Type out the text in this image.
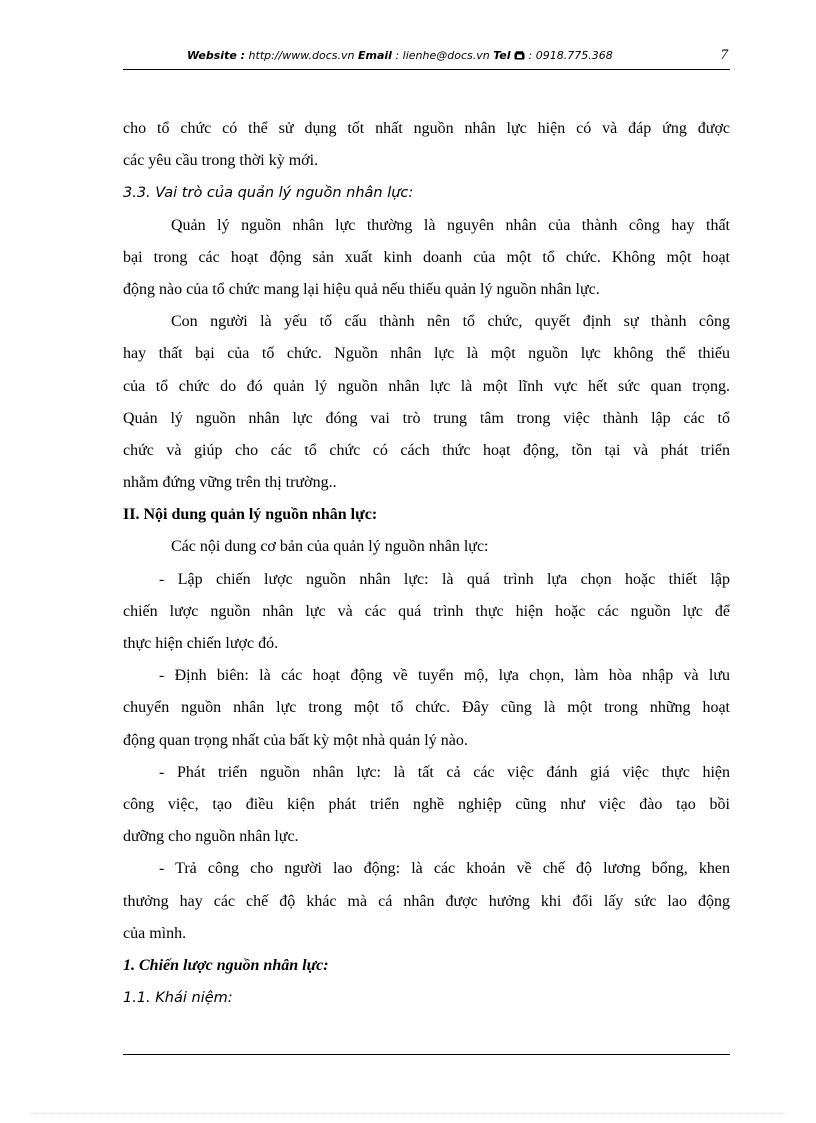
Website : http://www.docs.vn Email : lienhe@docs.vn Tel : 0918.775.368	7
cho tổ chức có thể sử dụng tốt nhất nguồn nhân lực hiện có và đáp ứng được
các yêu cầu trong thời kỳ mới.
3.3. Vai trò của quản lý nguồn nhân lực:
Quản lý nguồn nhân lực thường là nguyên nhân của thành công hay thất
bại trong các hoạt động sản xuất kinh doanh của một tổ chức. Không một hoạt
động nào của tổ chức mang lại hiệu quả nếu thiếu quản lý nguồn nhân lực.
Con người là yếu tố cấu thành nên tổ chức, quyết định sự thành công
hay thất bại của tổ chức. Nguồn nhân lực là một nguồn lực không thể thiếu
của tổ chức do đó quản lý nguồn nhân lực là một lĩnh vực hết sức quan trọng.
Quản lý nguồn nhân lực đóng vai trò trung tâm trong việc thành lập các tổ
chức và giúp cho các tổ chức có cách thức hoạt động, tồn tại và phát triển
nhằm đứng vững trên thị trường..
II. Nội dung quản lý nguồn nhân lực:
Các nội dung cơ bản của quản lý nguồn nhân lực:
- Lập chiến lược nguồn nhân lực: là quá trình lựa chọn hoặc thiết lập
chiến lược nguồn nhân lực và các quá trình thực hiện hoặc các nguồn lực để
thực hiện chiến lược đó.
- Định biên: là các hoạt động về tuyển mộ, lựa chọn, làm hòa nhập và lưu
chuyển nguồn nhân lực trong một tổ chức. Đây cũng là một trong những hoạt
động quan trọng nhất của bất kỳ một nhà quản lý nào.
- Phát triển nguồn nhân lực: là tất cả các việc đánh giá việc thực hiện
công việc, tạo điều kiện phát triển nghề nghiệp cũng như việc đào tạo bồi
dưỡng cho nguồn nhân lực.
- Trả công cho người lao động: là các khoản về chế độ lương bổng, khen
thưởng hay các chế độ khác mà cá nhân được hưởng khi đổi lấy sức lao động
của mình.
1. Chiến lược nguồn nhân lực:
1.1. Khái niệm:
